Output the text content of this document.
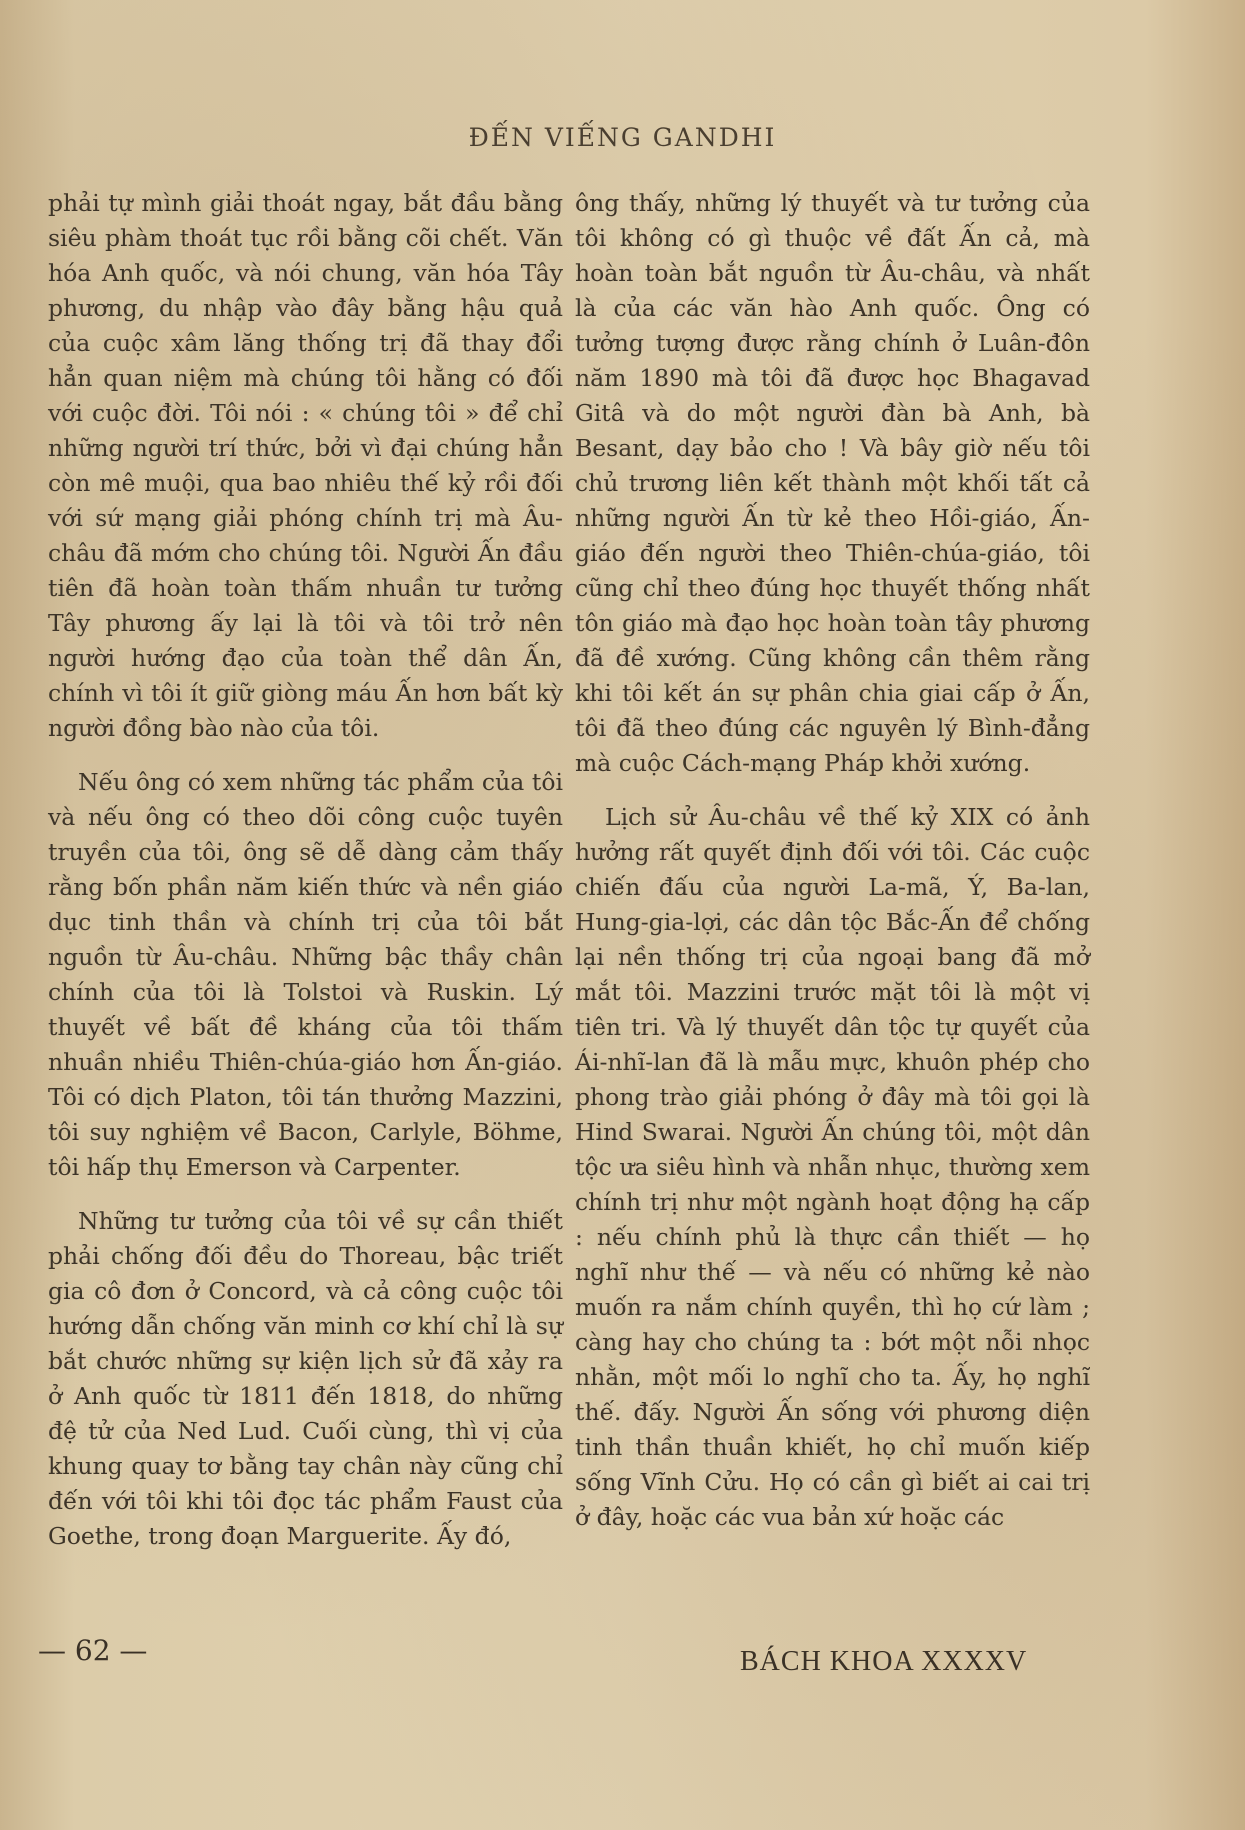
ĐẾN VIẾNG GANDHI

phải tự mình giải thoát ngay, bắt đầu bằng siêu phàm thoát tục rồi bằng cõi chết. Văn hóa Anh quốc, và nói chung, văn hóa Tây phương, du nhập vào đây bằng hậu quả của cuộc xâm lăng thống trị đã thay đổi hẳn quan niệm mà chúng tôi hằng có đối với cuộc đời. Tôi nói : « chúng tôi » để chỉ những người trí thức, bởi vì đại chúng hẳn còn mê muội, qua bao nhiêu thế kỷ rồi đối với sứ mạng giải phóng chính trị mà Âu-châu đã mớm cho chúng tôi. Người Ấn đầu tiên đã hoàn toàn thấm nhuần tư tưởng Tây phương ấy lại là tôi và tôi trở nên người hướng đạo của toàn thể dân Ấn, chính vì tôi ít giữ giòng máu Ấn hơn bất kỳ người đồng bào nào của tôi.

Nếu ông có xem những tác phẩm của tôi và nếu ông có theo dõi công cuộc tuyên truyền của tôi, ông sẽ dễ dàng cảm thấy rằng bốn phần năm kiến thức và nền giáo dục tinh thần và chính trị của tôi bắt nguồn từ Âu-châu. Những bậc thầy chân chính của tôi là Tolstoi và Ruskin. Lý thuyết về bất đề kháng của tôi thấm nhuần nhiều Thiên-chúa-giáo hơn Ấn-giáo. Tôi có dịch Platon, tôi tán thưởng Mazzini, tôi suy nghiệm về Bacon, Carlyle, Böhme, tôi hấp thụ Emerson và Carpenter.

Những tư tưởng của tôi về sự cần thiết phải chống đối đều do Thoreau, bậc triết gia cô đơn ở Concord, và cả công cuộc tôi hướng dẫn chống văn minh cơ khí chỉ là sự bắt chước những sự kiện lịch sử đã xảy ra ở Anh quốc từ 1811 đến 1818, do những đệ tử của Ned Lud. Cuối cùng, thì vị của khung quay tơ bằng tay chân này cũng chỉ đến với tôi khi tôi đọc tác phẩm Faust của Goethe, trong đoạn Marguerite. Ấy đó,

ông thấy, những lý thuyết và tư tưởng của tôi không có gì thuộc về đất Ấn cả, mà hoàn toàn bắt nguồn từ Âu-châu, và nhất là của các văn hào Anh quốc. Ông có tưởng tượng được rằng chính ở Luân-đôn năm 1890 mà tôi đã được học Bhagavad Gitâ và do một người đàn bà Anh, bà Besant, dạy bảo cho ! Và bây giờ nếu tôi chủ trương liên kết thành một khối tất cả những người Ấn từ kẻ theo Hồi-giáo, Ấn-giáo đến người theo Thiên-chúa-giáo, tôi cũng chỉ theo đúng học thuyết thống nhất tôn giáo mà đạo học hoàn toàn tây phương đã đề xướng. Cũng không cần thêm rằng khi tôi kết án sự phân chia giai cấp ở Ấn, tôi đã theo đúng các nguyên lý Bình-đẳng mà cuộc Cách-mạng Pháp khởi xướng.

Lịch sử Âu-châu về thế kỷ XIX có ảnh hưởng rất quyết định đối với tôi. Các cuộc chiến đấu của người La-mã, Ý, Ba-lan, Hung-gia-lợi, các dân tộc Bắc-Ấn để chống lại nền thống trị của ngoại bang đã mở mắt tôi. Mazzini trước mặt tôi là một vị tiên tri. Và lý thuyết dân tộc tự quyết của Ái-nhĩ-lan đã là mẫu mực, khuôn phép cho phong trào giải phóng ở đây mà tôi gọi là Hind Swarai. Người Ấn chúng tôi, một dân tộc ưa siêu hình và nhẫn nhục, thường xem chính trị như một ngành hoạt động hạ cấp : nếu chính phủ là thực cần thiết — họ nghĩ như thế — và nếu có những kẻ nào muốn ra nắm chính quyền, thì họ cứ làm ; càng hay cho chúng ta : bớt một nỗi nhọc nhằn, một mối lo nghĩ cho ta. Ấy, họ nghĩ thế. đấy. Người Ấn sống với phương diện tinh thần thuần khiết, họ chỉ muốn kiếp sống Vĩnh Cửu. Họ có cần gì biết ai cai trị ở đây, hoặc các vua bản xứ hoặc các

— 62 —	BÁCH KHOA XXXXV
